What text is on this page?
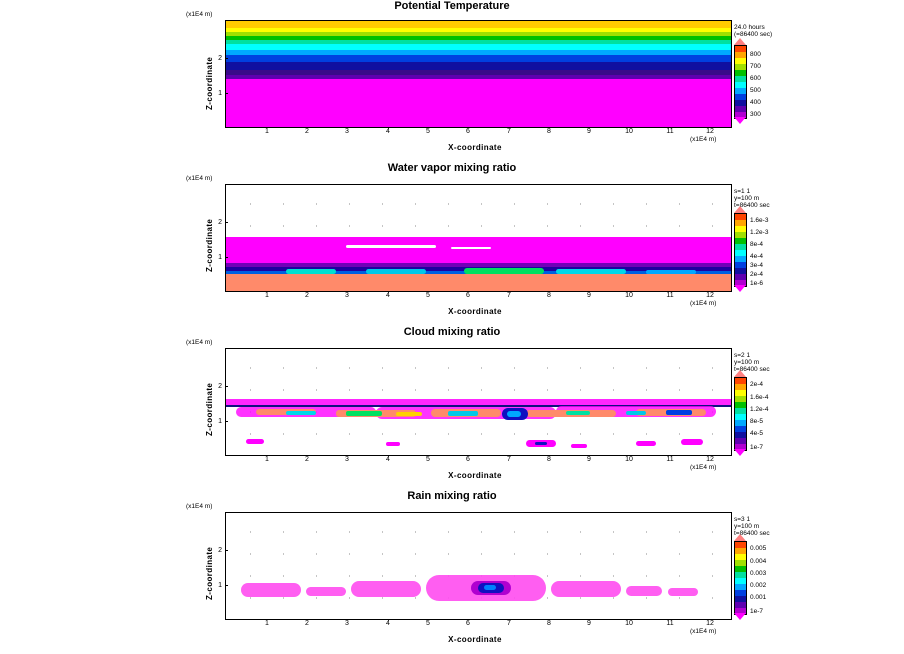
Potential Temperature
(x1E4 m)
Z-coordinate 2
1
1	2	3	4	5	6	7	8	9	10	11	12
(x1E4 m)
X-coordinate
24.0 hours
(=86400 sec)
800
700
600
500
400
300
Water vapor mixing ratio
(x1E4 m)
Z-coordinate 2
1
1	2	3	4	5	6	7	8	9	10	11	12
(x1E4 m)
X-coordinate
s=1 1
y=100 m
t=86400 sec
1.6e-3
1.2e-3
8e-4
4e-4
3e-4
2e-4
1e-6
Cloud mixing ratio
(x1E4 m)
Z-coordinate 2
1
1	2	3	4	5	6	7	8	9	10	11	12
(x1E4 m)
X-coordinate
s=2 1
y=100 m
t=86400 sec
2e-4
1.6e-4
1.2e-4
8e-5
4e-5
1e-7
Rain mixing ratio
(x1E4 m)
Z-coordinate 2
1
1	2	3	4	5	6	7	8	9	10	11	12
(x1E4 m)
X-coordinate
s=3 1
y=100 m
t=86400 sec
0.005
0.004
0.003
0.002
0.001
1e-7
